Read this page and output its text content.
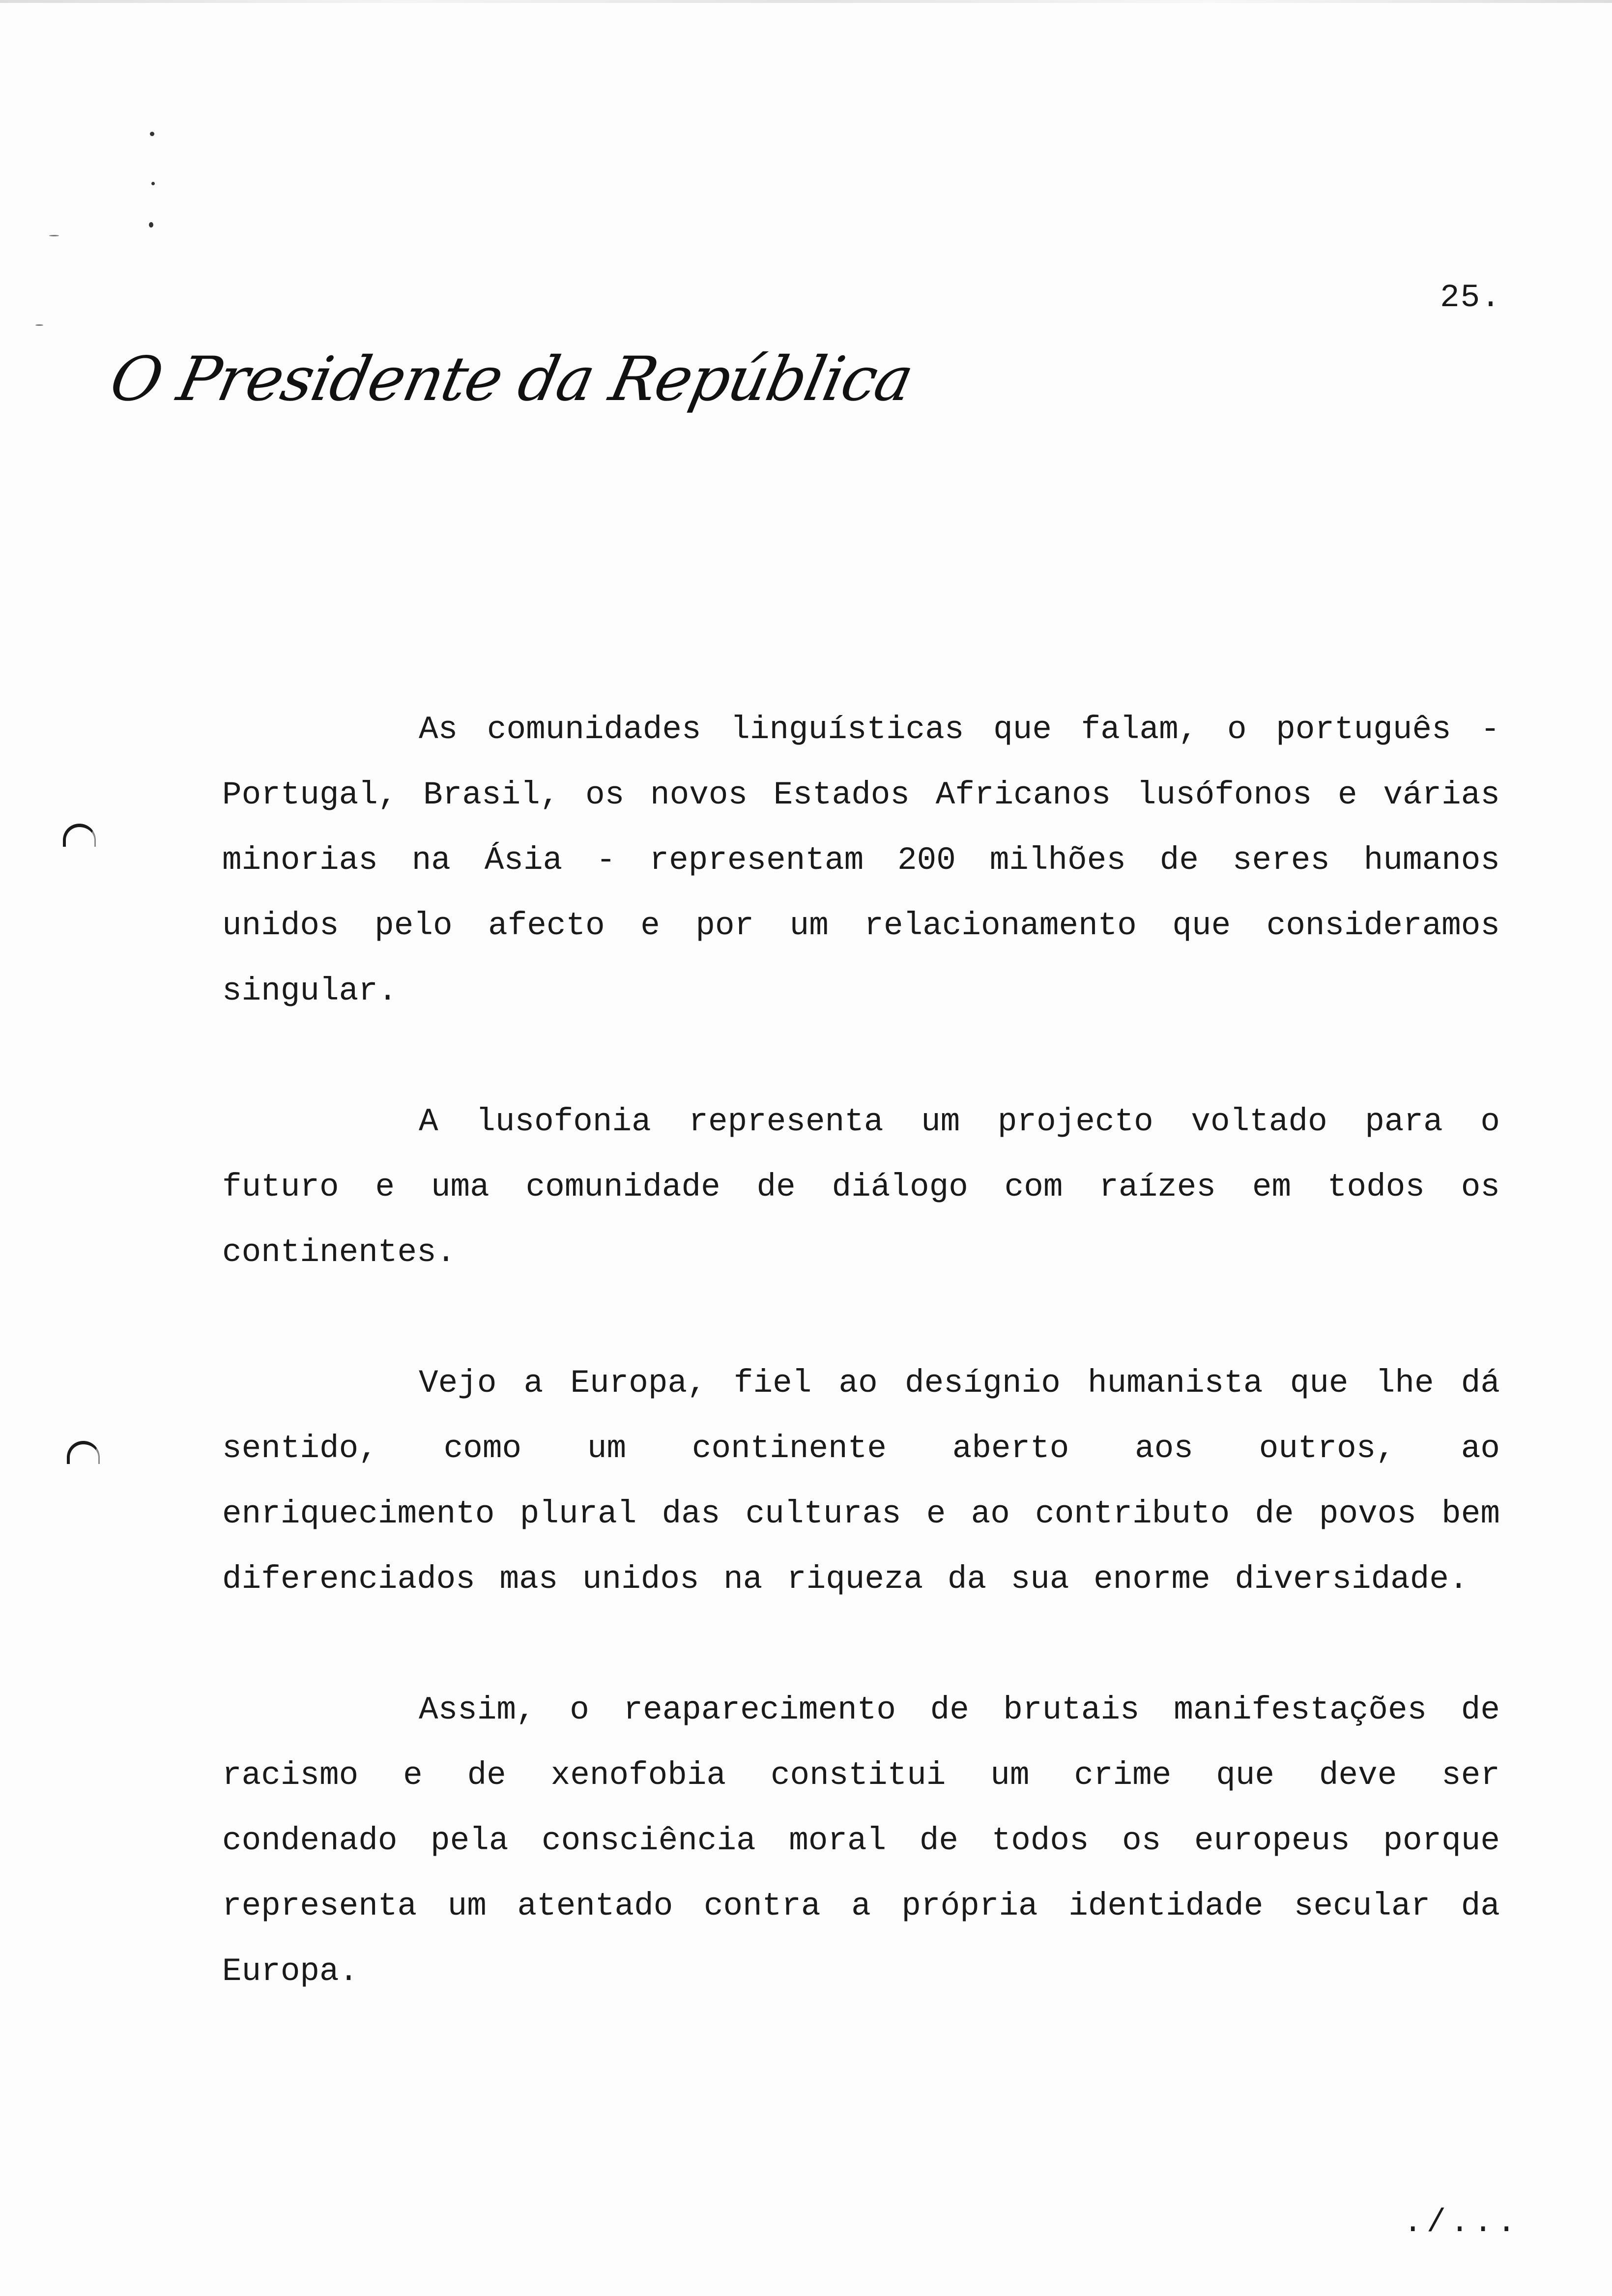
25.
O Presidente da República

As comunidades linguísticas que falam, o português - Portugal, Brasil, os novos Estados Africanos lusófonos e várias minorias na Ásia - representam 200 milhões de seres humanos unidos pelo afecto e por um relacionamento que consideramos singular.

A lusofonia representa um projecto voltado para o futuro e uma comunidade de diálogo com raízes em todos os continentes.

Vejo a Europa, fiel ao desígnio humanista que lhe dá sentido, como um continente aberto aos outros, ao enriquecimento plural das culturas e ao contributo de povos bem diferenciados mas unidos na riqueza da sua enorme diversidade.

Assim, o reaparecimento de brutais manifestações de racismo e de xenofobia constitui um crime que deve ser condenado pela consciência moral de todos os europeus porque representa um atentado contra a própria identidade secular da Europa.

./...
